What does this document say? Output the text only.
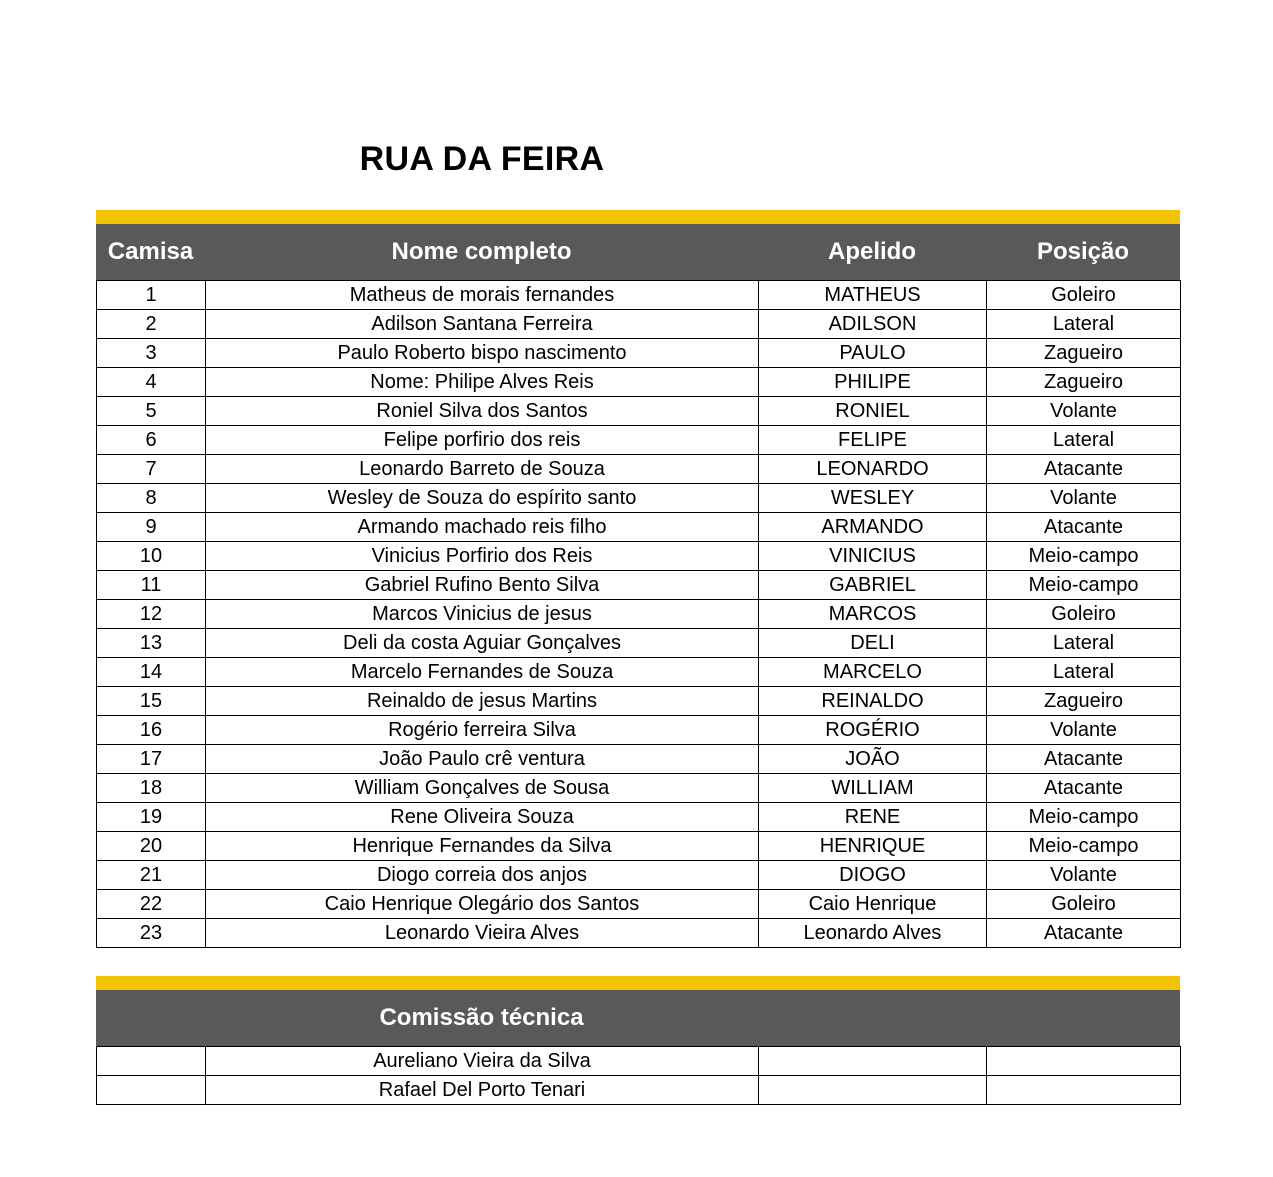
RUA DA FEIRA
Camisa	Nome completo	Apelido	Posição
1	Matheus de morais fernandes	MATHEUS	Goleiro
2	Adilson Santana Ferreira	ADILSON	Lateral
3	Paulo Roberto bispo nascimento	PAULO	Zagueiro
4	Nome: Philipe Alves Reis	PHILIPE	Zagueiro
5	Roniel Silva dos Santos	RONIEL	Volante
6	Felipe porfirio dos reis	FELIPE	Lateral
7	Leonardo Barreto de Souza	LEONARDO	Atacante
8	Wesley de Souza do espírito santo	WESLEY	Volante
9	Armando machado reis filho	ARMANDO	Atacante
10	Vinicius Porfirio dos Reis	VINICIUS	Meio-campo
11	Gabriel Rufino Bento Silva	GABRIEL	Meio-campo
12	Marcos Vinicius de jesus	MARCOS	Goleiro
13	Deli da costa Aguiar Gonçalves	DELI	Lateral
14	Marcelo Fernandes de Souza	MARCELO	Lateral
15	Reinaldo de jesus Martins	REINALDO	Zagueiro
16	Rogério ferreira Silva	ROGÉRIO	Volante
17	João Paulo crê ventura	JOÃO	Atacante
18	William Gonçalves de Sousa	WILLIAM	Atacante
19	Rene Oliveira Souza	RENE	Meio-campo
20	Henrique Fernandes da Silva	HENRIQUE	Meio-campo
21	Diogo correia dos anjos	DIOGO	Volante
22	Caio Henrique Olegário dos Santos	Caio Henrique	Goleiro
23	Leonardo Vieira Alves	Leonardo Alves	Atacante
Comissão técnica
	Aureliano Vieira da Silva		
	Rafael Del Porto Tenari		
